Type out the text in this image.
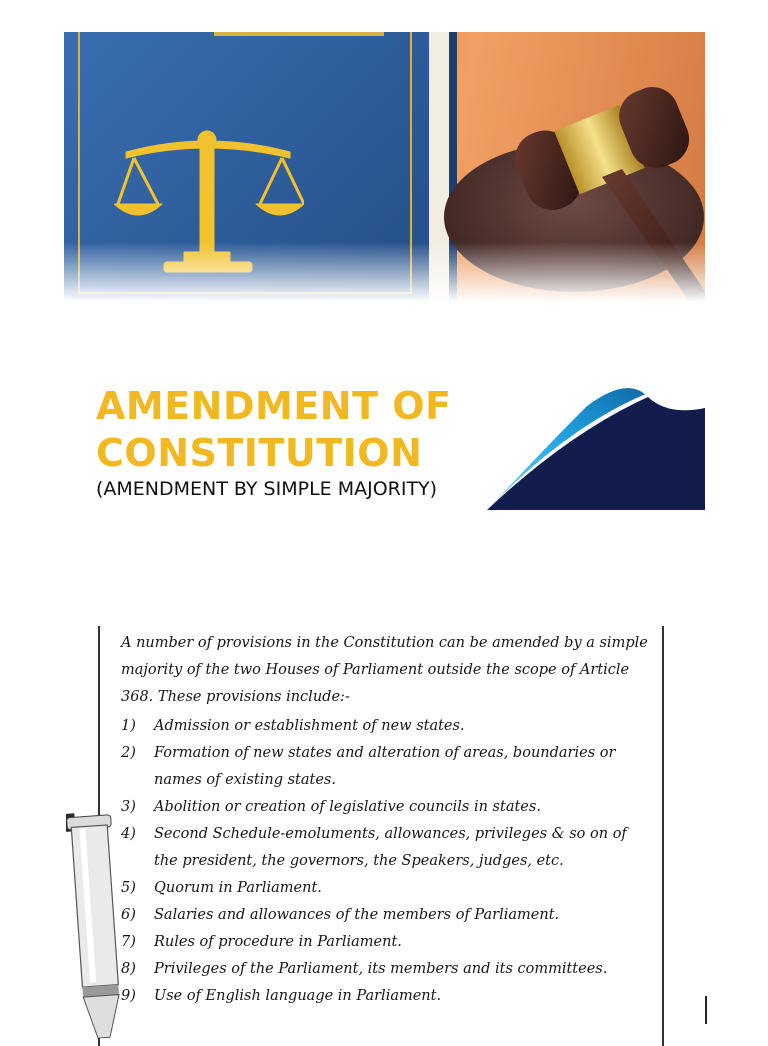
AMENDMENT OF
CONSTITUTION

(AMENDMENT BY SIMPLE MAJORITY)

A number of provisions in the Constitution can be amended by a simple majority of the two Houses of Parliament outside the scope of Article 368. These provisions include:-

1)	Admission or establishment of new states.
2)	Formation of new states and alteration of areas, boundaries or names of existing states.
3)	Abolition or creation of legislative councils in states.
4)	Second Schedule-emoluments, allowances, privileges & so on of the president, the governors, the Speakers, judges, etc.
5)	Quorum in Parliament.
6)	Salaries and allowances of the members of Parliament.
7)	Rules of procedure in Parliament.
8)	Privileges of the Parliament, its members and its committees.
9)	Use of English language in Parliament.
